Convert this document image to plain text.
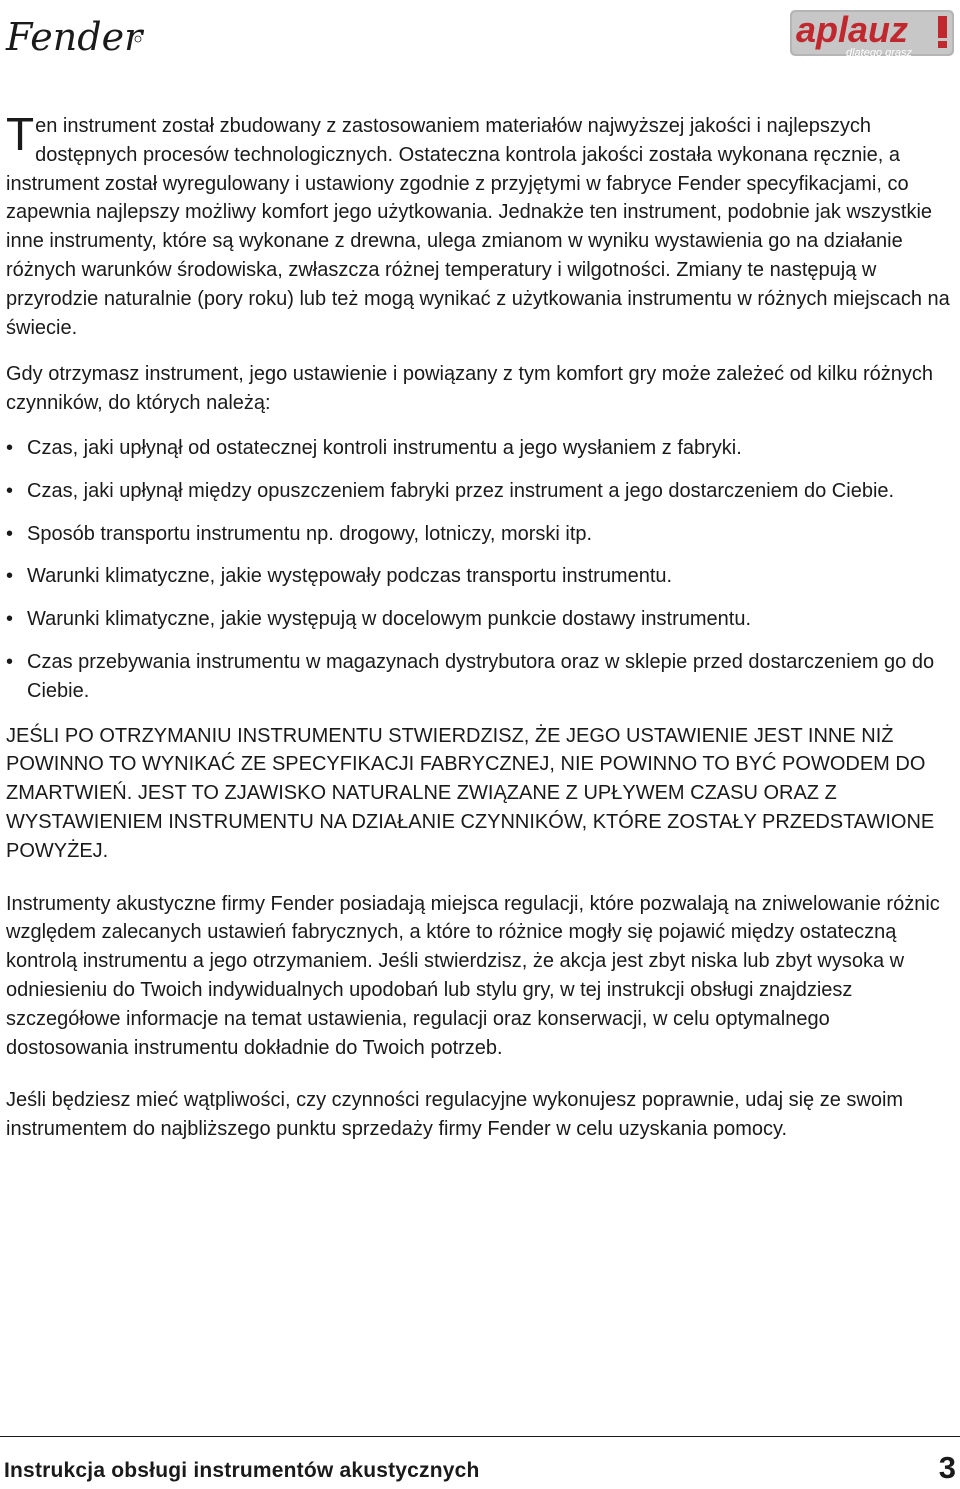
Fender	aplauz
dlatego grasz

Ten instrument został zbudowany z zastosowaniem materiałów najwyższej jakości i najlepszych dostępnych procesów technologicznych. Ostateczna kontrola jakości została wykonana ręcznie, a instrument został wyregulowany i ustawiony zgodnie z przyjętymi w fabryce Fender specyfikacjami, co zapewnia najlepszy możliwy komfort jego użytkowania. Jednakże ten instrument, podobnie jak wszystkie inne instrumenty, które są wykonane z drewna, ulega zmianom w wyniku wystawienia go na działanie różnych warunków środowiska, zwłaszcza różnej temperatury i wilgotności. Zmiany te następują w przyrodzie naturalnie (pory roku) lub też mogą wynikać z użytkowania instrumentu w różnych miejscach na świecie.

Gdy otrzymasz instrument, jego ustawienie i powiązany z tym komfort gry może zależeć od kilku różnych czynników, do których należą:

• Czas, jaki upłynął od ostatecznej kontroli instrumentu a jego wysłaniem z fabryki.
• Czas, jaki upłynął między opuszczeniem fabryki przez instrument a jego dostarczeniem do Ciebie.
• Sposób transportu instrumentu np. drogowy, lotniczy, morski itp.
• Warunki klimatyczne, jakie występowały podczas transportu instrumentu.
• Warunki klimatyczne, jakie występują w docelowym punkcie dostawy instrumentu.
• Czas przebywania instrumentu w magazynach dystrybutora oraz w sklepie przed dostarczeniem go do Ciebie.

JEŚLI PO OTRZYMANIU INSTRUMENTU STWIERDZISZ, ŻE JEGO USTAWIENIE JEST INNE NIŻ POWINNO TO WYNIKAĆ ZE SPECYFIKACJI FABRYCZNEJ, NIE POWINNO TO BYĆ POWODEM DO ZMARTWIEŃ. JEST TO ZJAWISKO NATURALNE ZWIĄZANE Z UPŁYWEM CZASU ORAZ Z WYSTAWIENIEM INSTRUMENTU NA DZIAŁANIE CZYNNIKÓW, KTÓRE ZOSTAŁY PRZEDSTAWIONE POWYŻEJ.

Instrumenty akustyczne firmy Fender posiadają miejsca regulacji, które pozwalają na zniwelowanie różnic względem zalecanych ustawień fabrycznych, a które to różnice mogły się pojawić między ostateczną kontrolą instrumentu a jego otrzymaniem. Jeśli stwierdzisz, że akcja jest zbyt niska lub zbyt wysoka w odniesieniu do Twoich indywidualnych upodobań lub stylu gry, w tej instrukcji obsługi znajdziesz szczegółowe informacje na temat ustawienia, regulacji oraz konserwacji, w celu optymalnego dostosowania instrumentu dokładnie do Twoich potrzeb.

Jeśli będziesz mieć wątpliwości, czy czynności regulacyjne wykonujesz poprawnie, udaj się ze swoim instrumentem do najbliższego punktu sprzedaży firmy Fender w celu uzyskania pomocy.

Instrukcja obsługi instrumentów akustycznych	3
